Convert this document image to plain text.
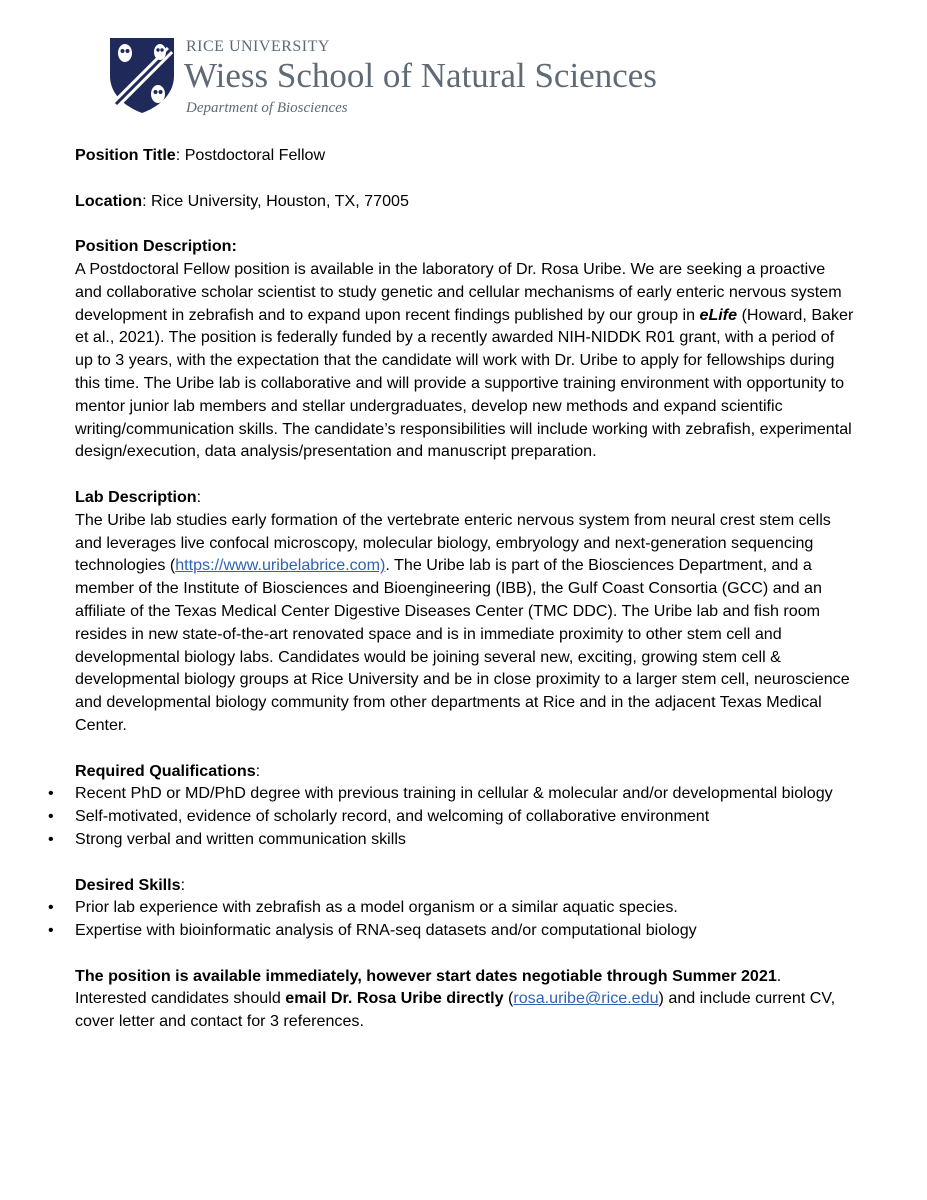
RICE UNIVERSITY
Wiess School of Natural Sciences
Department of Biosciences

Position Title: Postdoctoral Fellow

Location: Rice University, Houston, TX, 77005

Position Description:

A Postdoctoral Fellow position is available in the laboratory of Dr. Rosa Uribe. We are seeking a proactive and collaborative scholar scientist to study genetic and cellular mechanisms of early enteric nervous system development in zebrafish and to expand upon recent findings published by our group in eLife (Howard, Baker et al., 2021). The position is federally funded by a recently awarded NIH-NIDDK R01 grant, with a period of up to 3 years, with the expectation that the candidate will work with Dr. Uribe to apply for fellowships during this time. The Uribe lab is collaborative and will provide a supportive training environment with opportunity to mentor junior lab members and stellar undergraduates, develop new methods and expand scientific writing/communication skills. The candidate’s responsibilities will include working with zebrafish, experimental design/execution, data analysis/presentation and manuscript preparation.

Lab Description:

The Uribe lab studies early formation of the vertebrate enteric nervous system from neural crest stem cells and leverages live confocal microscopy, molecular biology, embryology and next-generation sequencing technologies (https://www.uribelabrice.com). The Uribe lab is part of the Biosciences Department, and a member of the Institute of Biosciences and Bioengineering (IBB), the Gulf Coast Consortia (GCC) and an affiliate of the Texas Medical Center Digestive Diseases Center (TMC DDC). The Uribe lab and fish room resides in new state-of-the-art renovated space and is in immediate proximity to other stem cell and developmental biology labs. Candidates would be joining several new, exciting, growing stem cell & developmental biology groups at Rice University and be in close proximity to a larger stem cell, neuroscience and developmental biology community from other departments at Rice and in the adjacent Texas Medical Center.

Required Qualifications:

• Recent PhD or MD/PhD degree with previous training in cellular & molecular and/or developmental biology
• Self-motivated, evidence of scholarly record, and welcoming of collaborative environment
• Strong verbal and written communication skills

Desired Skills:

• Prior lab experience with zebrafish as a model organism or a similar aquatic species.
• Expertise with bioinformatic analysis of RNA-seq datasets and/or computational biology

The position is available immediately, however start dates negotiable through Summer 2021. Interested candidates should email Dr. Rosa Uribe directly (rosa.uribe@rice.edu) and include current CV, cover letter and contact for 3 references.
